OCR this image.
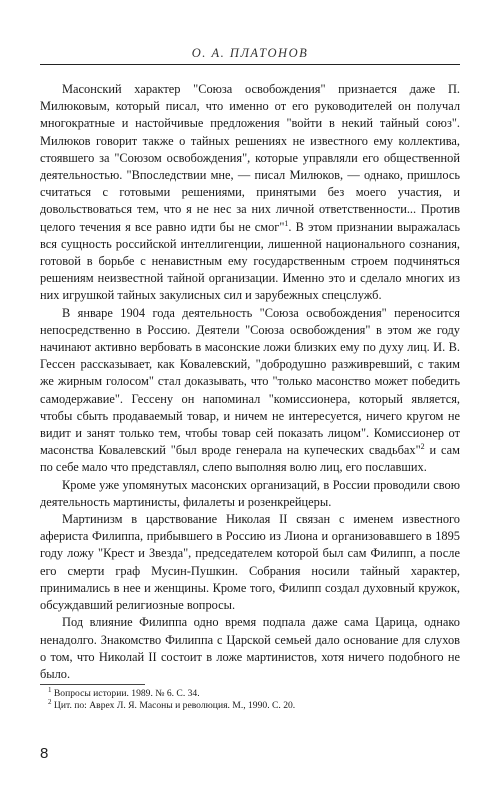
О. А. ПЛАТОНОВ

Масонский характер "Союза освобождения" признается даже П. Милюковым, который писал, что именно от его руководителей он получал многократные и настойчивые предложения "войти в некий тайный союз". Милюков говорит также о тайных решениях не известного ему коллектива, стоявшего за "Союзом освобождения", которые управляли его общественной деятельностью. "Впоследствии мне, — писал Милюков, — однако, пришлось считаться с готовыми решениями, принятыми без моего участия, и довольствоваться тем, что я не нес за них личной ответственности... Против целого течения я все равно идти бы не смог"$^1$. В этом признании выражалась вся сущность российской интеллигенции, лишенной национального сознания, готовой в борьбе с ненавистным ему государственным строем подчиняться решениям неизвестной тайной организации. Именно это и сделало многих из них игрушкой тайных закулисных сил и зарубежных спецслужб.

В январе 1904 года деятельность "Союза освобождения" переносится непосредственно в Россию. Деятели "Союза освобождения" в этом же году начинают активно вербовать в масонские ложи близких ему по духу лиц. И. В. Гессен рассказывает, как Ковалевский, "добродушно разживревший, с таким же жирным голосом" стал доказывать, что "только масонство может победить самодержавие". Гессену он напоминал "комиссионера, который является, чтобы сбыть продаваемый товар, и ничем не интересуется, ничего кругом не видит и занят только тем, чтобы товар сей показать лицом". Комиссионер от масонства Ковалевский "был вроде генерала на купеческих свадьбах"$^2$ и сам по себе мало что представлял, слепо выполняя волю лиц, его пославших.

Кроме уже упомянутых масонских организаций, в России проводили свою деятельность мартинисты, филалеты и розенкрейцеры.

Мартинизм в царствование Николая II связан с именем известного афериста Филиппа, прибывшего в Россию из Лиона и организовавшего в 1895 году ложу "Крест и Звезда", председателем которой был сам Филипп, а после его смерти граф Мусин-Пушкин. Собрания носили тайный характер, принимались в нее и женщины. Кроме того, Филипп создал духовный кружок, обсуждавший религиозные вопросы.

Под влияние Филиппа одно время подпала даже сама Царица, однако ненадолго. Знакомство Филиппа с Царской семьей дало основание для слухов о том, что Николай II состоит в ложе мартинистов, хотя ничего подобного не было.

$^1$ Вопросы истории. 1989. № 6. С. 34.
$^2$ Цит. по: Аврех Л. Я. Масоны и революция. М., 1990. С. 20.
8
